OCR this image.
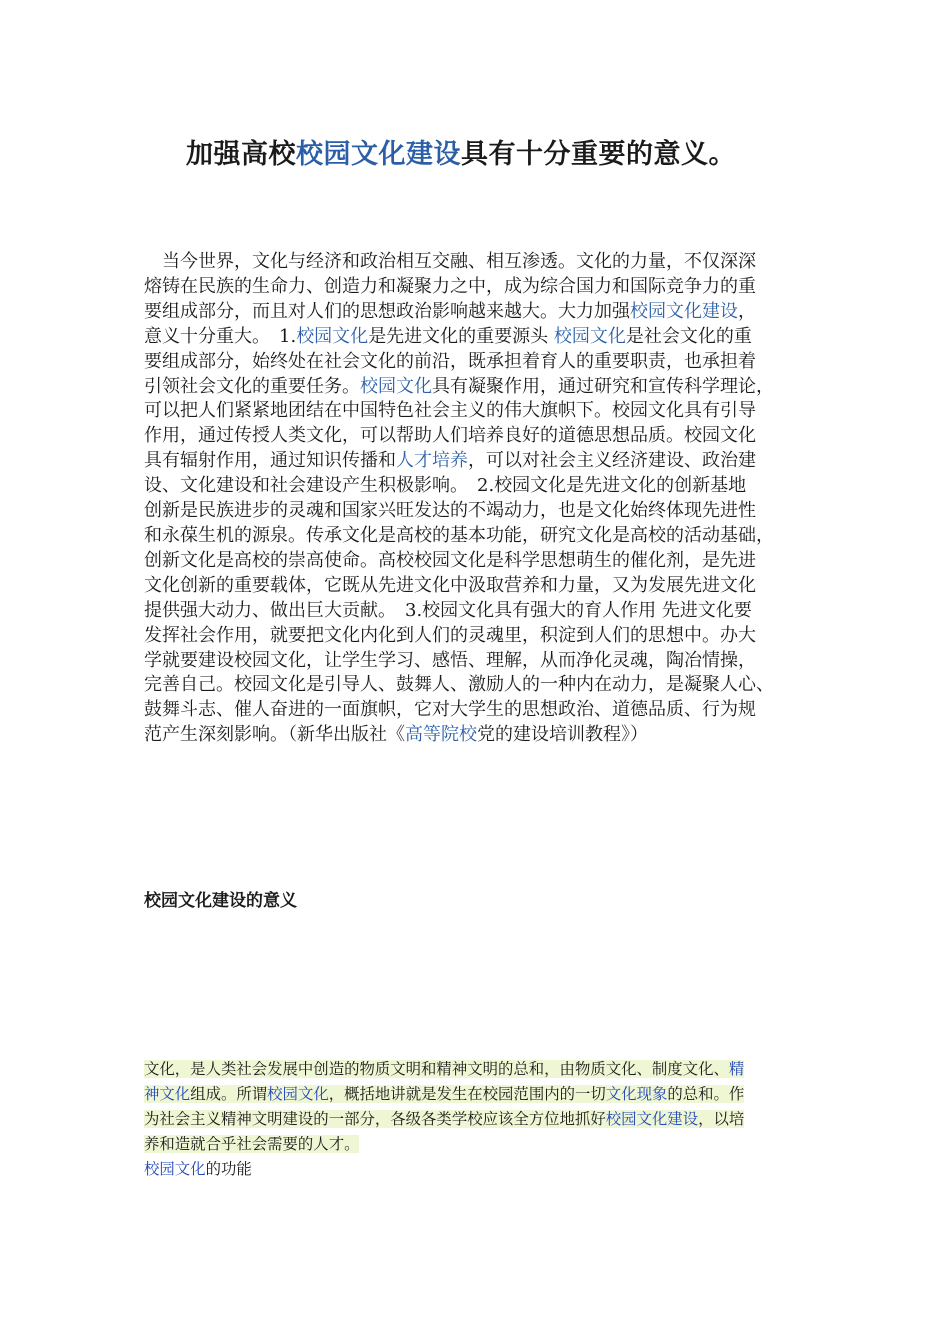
加强高校校园文化建设具有十分重要的意义。
　当今世界，文化与经济和政治相互交融、相互渗透。文化的力量，不仅深深
熔铸在民族的生命力、创造力和凝聚力之中，成为综合国力和国际竞争力的重
要组成部分，而且对人们的思想政治影响越来越大。大力加强校园文化建设，
意义十分重大。　1.校园文化是先进文化的重要源头 校园文化是社会文化的重
要组成部分，始终处在社会文化的前沿，既承担着育人的重要职责，也承担着
引领社会文化的重要任务。校园文化具有凝聚作用，通过研究和宣传科学理论，
可以把人们紧紧地团结在中国特色社会主义的伟大旗帜下。校园文化具有引导
作用，通过传授人类文化，可以帮助人们培养良好的道德思想品质。校园文化
具有辐射作用，通过知识传播和人才培养，可以对社会主义经济建设、政治建
设、文化建设和社会建设产生积极影响。　2.校园文化是先进文化的创新基地
创新是民族进步的灵魂和国家兴旺发达的不竭动力，也是文化始终体现先进性
和永葆生机的源泉。传承文化是高校的基本功能，研究文化是高校的活动基础，
创新文化是高校的崇高使命。高校校园文化是科学思想萌生的催化剂，是先进
文化创新的重要载体，它既从先进文化中汲取营养和力量，又为发展先进文化
提供强大动力、做出巨大贡献。　3.校园文化具有强大的育人作用 先进文化要
发挥社会作用，就要把文化内化到人们的灵魂里，积淀到人们的思想中。办大
学就要建设校园文化，让学生学习、感悟、理解，从而净化灵魂，陶冶情操，
完善自己。校园文化是引导人、鼓舞人、激励人的一种内在动力，是凝聚人心、
鼓舞斗志、催人奋进的一面旗帜，它对大学生的思想政治、道德品质、行为规
范产生深刻影响。（新华出版社《高等院校党的建设培训教程》）
校园文化建设的意义
文化，是人类社会发展中创造的物质文明和精神文明的总和，由物质文化、制度文化、精
神文化组成。所谓校园文化，概括地讲就是发生在校园范围内的一切文化现象的总和。作
为社会主义精神文明建设的一部分，各级各类学校应该全方位地抓好校园文化建设，以培
养和造就合乎社会需要的人才。
校园文化的功能
